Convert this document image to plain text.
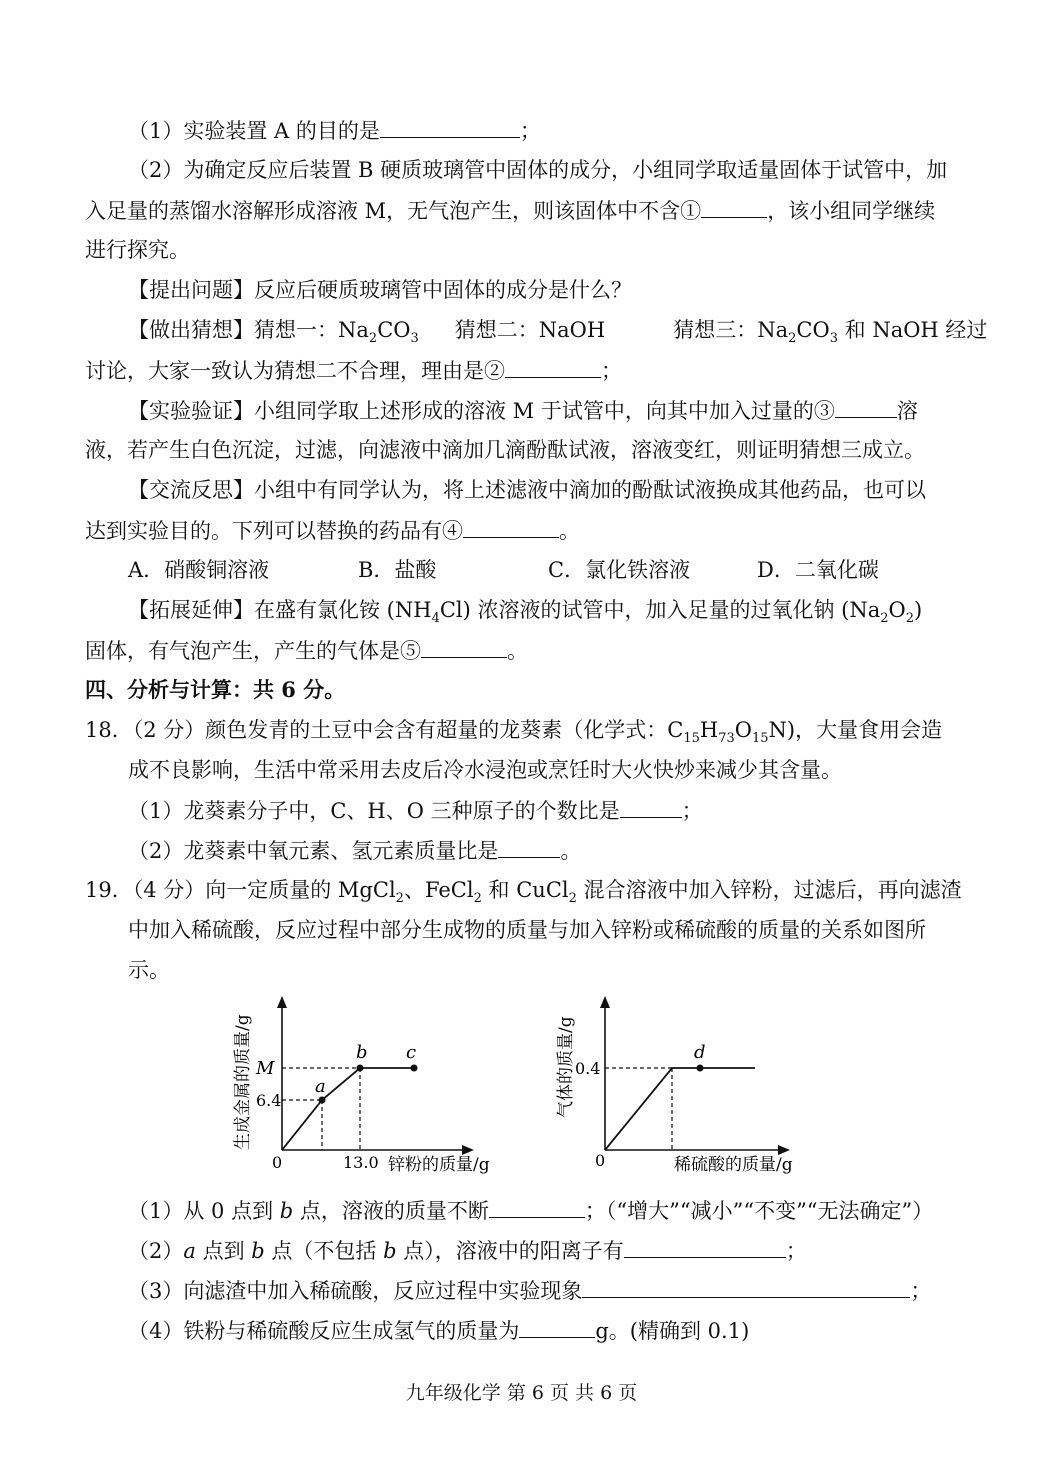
（1）实验装置 A 的目的是	；
（2）为确定反应后装置 B 硬质玻璃管中固体的成分，小组同学取适量固体于试管中，加
入足量的蒸馏水溶解形成溶液 M，无气泡产生，则该固体中不含①	，该小组同学继续
进行探究。
【提出问题】反应后硬质玻璃管中固体的成分是什么？
【做出猜想】猜想一：$Na_2CO_3$ 猜想二：NaOH	猜想三：$Na_2CO_3$ 和 NaOH 经过
讨论，大家一致认为猜想二不合理，理由是②	；
【实验验证】小组同学取上述形成的溶液 M 于试管中，向其中加入过量的③	溶
液，若产生白色沉淀，过滤，向滤液中滴加几滴酚酞试液，溶液变红，则证明猜想三成立。
【交流反思】小组中有同学认为，将上述滤液中滴加的酚酞试液换成其他药品，也可以
达到实验目的。下列可以替换的药品有④	。
A．硝酸铜溶液	B．盐酸	C．氯化铁溶液	D．二氧化碳
【拓展延伸】在盛有氯化铵 $(NH_4Cl)$ 浓溶液的试管中，加入足量的过氧化钠 $(Na_2O_2)$
固体，有气泡产生，产生的气体是⑤	。
四、分析与计算：共 6 分。
18．（2 分）颜色发青的土豆中会含有超量的龙葵素（化学式：$C_{15}H_{73}O_{15}N$)，大量食用会造
成不良影响，生活中常采用去皮后冷水浸泡或烹饪时大火快炒来减少其含量。
（1）龙葵素分子中，C、H、O 三种原子的个数比是	；
（2）龙葵素中氧元素、氢元素质量比是	。
19．（4 分）向一定质量的 MgCl$_2$、FeCl$_2$ 和 CuCl$_2$ 混合溶液中加入锌粉，过滤后，再向滤渣
中加入稀硫酸，反应过程中部分生成物的质量与加入锌粉或稀硫酸的质量的关系如图所
示。
a
b c
M
6.4
0	13.0 锌粉的质量/g
生成金属的质量/g	d
0.4
0	稀硫酸的质量/g
气体的质量/g
（1）从 0 点到 b 点，溶液的质量不断	；（“增大”“减小”“不变”“无法确定”）
（2）a 点到 b 点（不包括 b 点），溶液中的阳离子有	；
（3）向滤渣中加入稀硫酸，反应过程中实验现象	；
（4）铁粉与稀硫酸反应生成氢气的质量为	g。(精确到 0.1)
九年级化学 第 6 页 共 6 页
